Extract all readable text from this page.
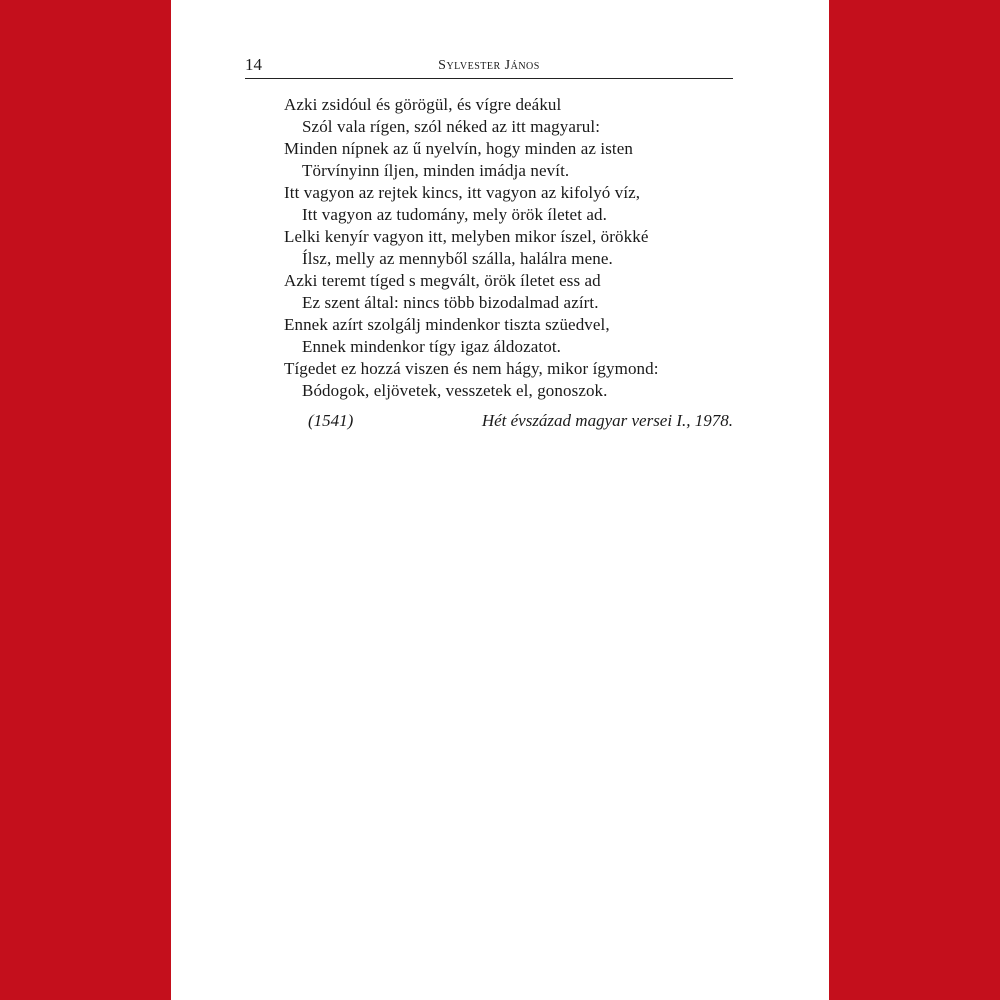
14	Sylvester János
Azki zsidóul és görögül, és vígre deákul
Szól vala rígen, szól néked az itt magyarul:
Minden nípnek az ű nyelvín, hogy minden az isten
Törvínyinn íljen, minden imádja nevít.
Itt vagyon az rejtek kincs, itt vagyon az kifolyó víz,
Itt vagyon az tudomány, mely örök íletet ad.
Lelki kenyír vagyon itt, melyben mikor íszel, örökké
Ílsz, melly az mennyből szálla, halálra mene.
Azki teremt tíged s megvált, örök íletet ess ad
Ez szent által: nincs több bizodalmad azírt.
Ennek azírt szolgálj mindenkor tiszta szüedvel,
Ennek mindenkor tígy igaz áldozatot.
Tígedet ez hozzá viszen és nem hágy, mikor ígymond:
Bódogok, eljövetek, vesszetek el, gonoszok.
(1541)	Hét évszázad magyar versei I., 1978.
